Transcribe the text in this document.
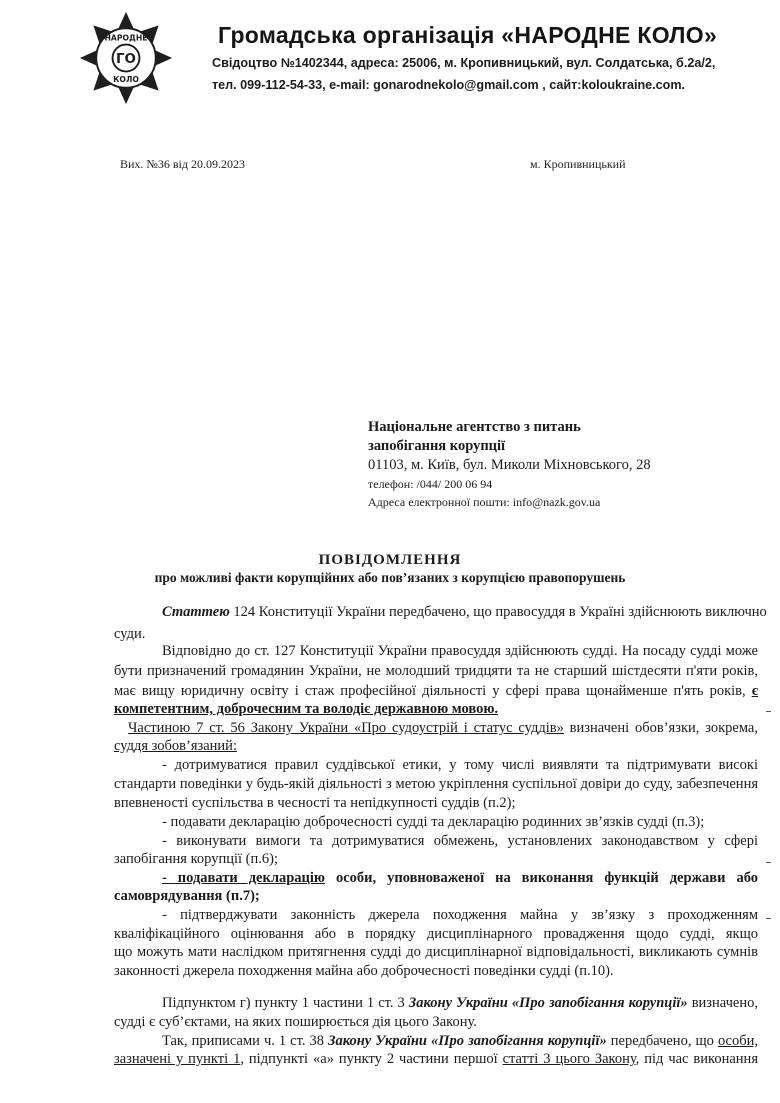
НАРОДНЕ
ГО
КОЛО
Громадська організація «НАРОДНЕ КОЛО»
Свідоцтво №1402344, адреса: 25006, м. Кропивницький, вул. Солдатська, б.2а/2,
тел. 099-112-54-33, e-mail: gonarodnekolo@gmail.com , сайт:koloukraine.com.
Вих. №36 від 20.09.2023	м. Кропивницький
Національне агентство з питань
запобігання корупції
01103, м. Київ, бул. Миколи Міхновського, 28
телефон: /044/ 200 06 94
Адреса електронної пошти: info@nazk.gov.ua
ПОВІДОМЛЕННЯ
про можливі факти корупційних або пов’язаних з корупцією правопорушень
Статтею 124 Конституції України передбачено, що правосуддя в Україні здійснюють виключно
суди.
Відповідно до ст. 127 Конституції України правосуддя здійснюють судді. На посаду судді може
бути призначений громадянин України, не молодший тридцяти та не старший шістдесяти п'яти років,
має вищу юридичну освіту і стаж професійної діяльності у сфері права щонайменше п'ять років, є
компетентним, доброчесним та володіє державною мовою.
Частиною 7 ст. 56 Закону України «Про судоустрій і статус суддів» визначені обов’язки, зокрема,
суддя зобов’язаний:
- дотримуватися правил суддівської етики, у тому числі виявляти та підтримувати високі
стандарти поведінки у будь-якій діяльності з метою укріплення суспільної довіри до суду, забезпечення
впевненості суспільства в чесності та непідкупності суддів (п.2);
- подавати декларацію доброчесності судді та декларацію родинних зв’язків судді (п.3);
- виконувати вимоги та дотримуватися обмежень, установлених законодавством у сфері
запобігання корупції (п.6);
- подавати декларацію особи, уповноваженої на виконання функцій держави або
самоврядування (п.7);
- підтверджувати законність джерела походження майна у зв’язку з проходженням
кваліфікаційного оцінювання або в порядку дисциплінарного провадження щодо судді, якщо
що можуть мати наслідком притягнення судді до дисциплінарної відповідальності, викликають сумнів
законності джерела походження майна або доброчесності поведінки судді (п.10).
Підпунктом г) пункту 1 частини 1 ст. 3 Закону України «Про запобігання корупції» визначено,
судді є суб’єктами, на яких поширюється дія цього Закону.
Так, приписами ч. 1 ст. 38 Закону України «Про запобігання корупції» передбачено, що особи,
зазначені у пункті 1, підпункті «а» пункту 2 частини першої статті 3 цього Закону, під час виконання
